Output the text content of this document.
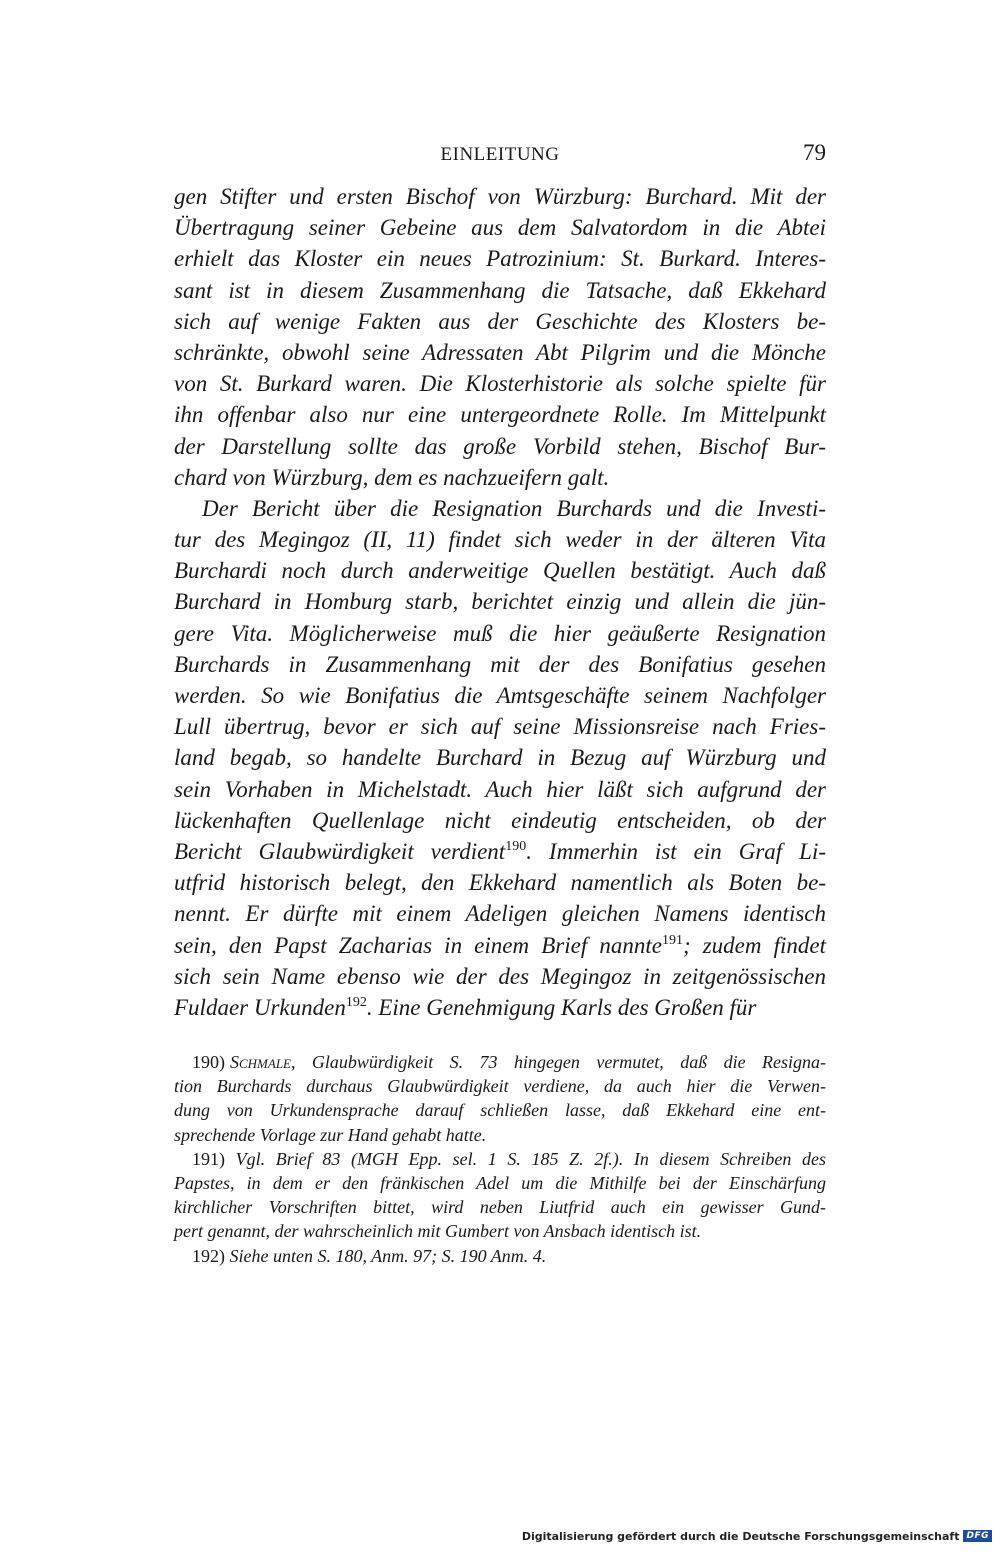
EINLEITUNG	79
gen Stifter und ersten Bischof von Würzburg: Burchard. Mit der
Übertragung seiner Gebeine aus dem Salvatordom in die Abtei
erhielt das Kloster ein neues Patrozinium: St. Burkard. Interes-
sant ist in diesem Zusammenhang die Tatsache, daß Ekkehard
sich auf wenige Fakten aus der Geschichte des Klosters be-
schränkte, obwohl seine Adressaten Abt Pilgrim und die Mönche
von St. Burkard waren. Die Klosterhistorie als solche spielte für
ihn offenbar also nur eine untergeordnete Rolle. Im Mittelpunkt
der Darstellung sollte das große Vorbild stehen, Bischof Bur-
chard von Würzburg, dem es nachzueifern galt.
Der Bericht über die Resignation Burchards und die Investi-
tur des Megingoz (II, 11) findet sich weder in der älteren Vita
Burchardi noch durch anderweitige Quellen bestätigt. Auch daß
Burchard in Homburg starb, berichtet einzig und allein die jün-
gere Vita. Möglicherweise muß die hier geäußerte Resignation
Burchards in Zusammenhang mit der des Bonifatius gesehen
werden. So wie Bonifatius die Amtsgeschäfte seinem Nachfolger
Lull übertrug, bevor er sich auf seine Missionsreise nach Fries-
land begab, so handelte Burchard in Bezug auf Würzburg und
sein Vorhaben in Michelstadt. Auch hier läßt sich aufgrund der
lückenhaften Quellenlage nicht eindeutig entscheiden, ob der
Bericht Glaubwürdigkeit verdient$^{190}$. Immerhin ist ein Graf Li-
utfrid historisch belegt, den Ekkehard namentlich als Boten be-
nennt. Er dürfte mit einem Adeligen gleichen Namens identisch
sein, den Papst Zacharias in einem Brief nannte$^{191}$; zudem findet
sich sein Name ebenso wie der des Megingoz in zeitgenössischen
Fuldaer Urkunden$^{192}$. Eine Genehmigung Karls des Großen für
190) Schmale, Glaubwürdigkeit S. 73 hingegen vermutet, daß die Resigna-
tion Burchards durchaus Glaubwürdigkeit verdiene, da auch hier die Verwen-
dung von Urkundensprache darauf schließen lasse, daß Ekkehard eine ent-
sprechende Vorlage zur Hand gehabt hatte.
191) Vgl. Brief 83 (MGH Epp. sel. 1 S. 185 Z. 2f.). In diesem Schreiben des
Papstes, in dem er den fränkischen Adel um die Mithilfe bei der Einschärfung
kirchlicher Vorschriften bittet, wird neben Liutfrid auch ein gewisser Gund-
pert genannt, der wahrscheinlich mit Gumbert von Ansbach identisch ist.
192) Siehe unten S. 180, Anm. 97; S. 190 Anm. 4.
Digitalisierung gefördert durch die Deutsche Forschungsgemeinschaft DFG
